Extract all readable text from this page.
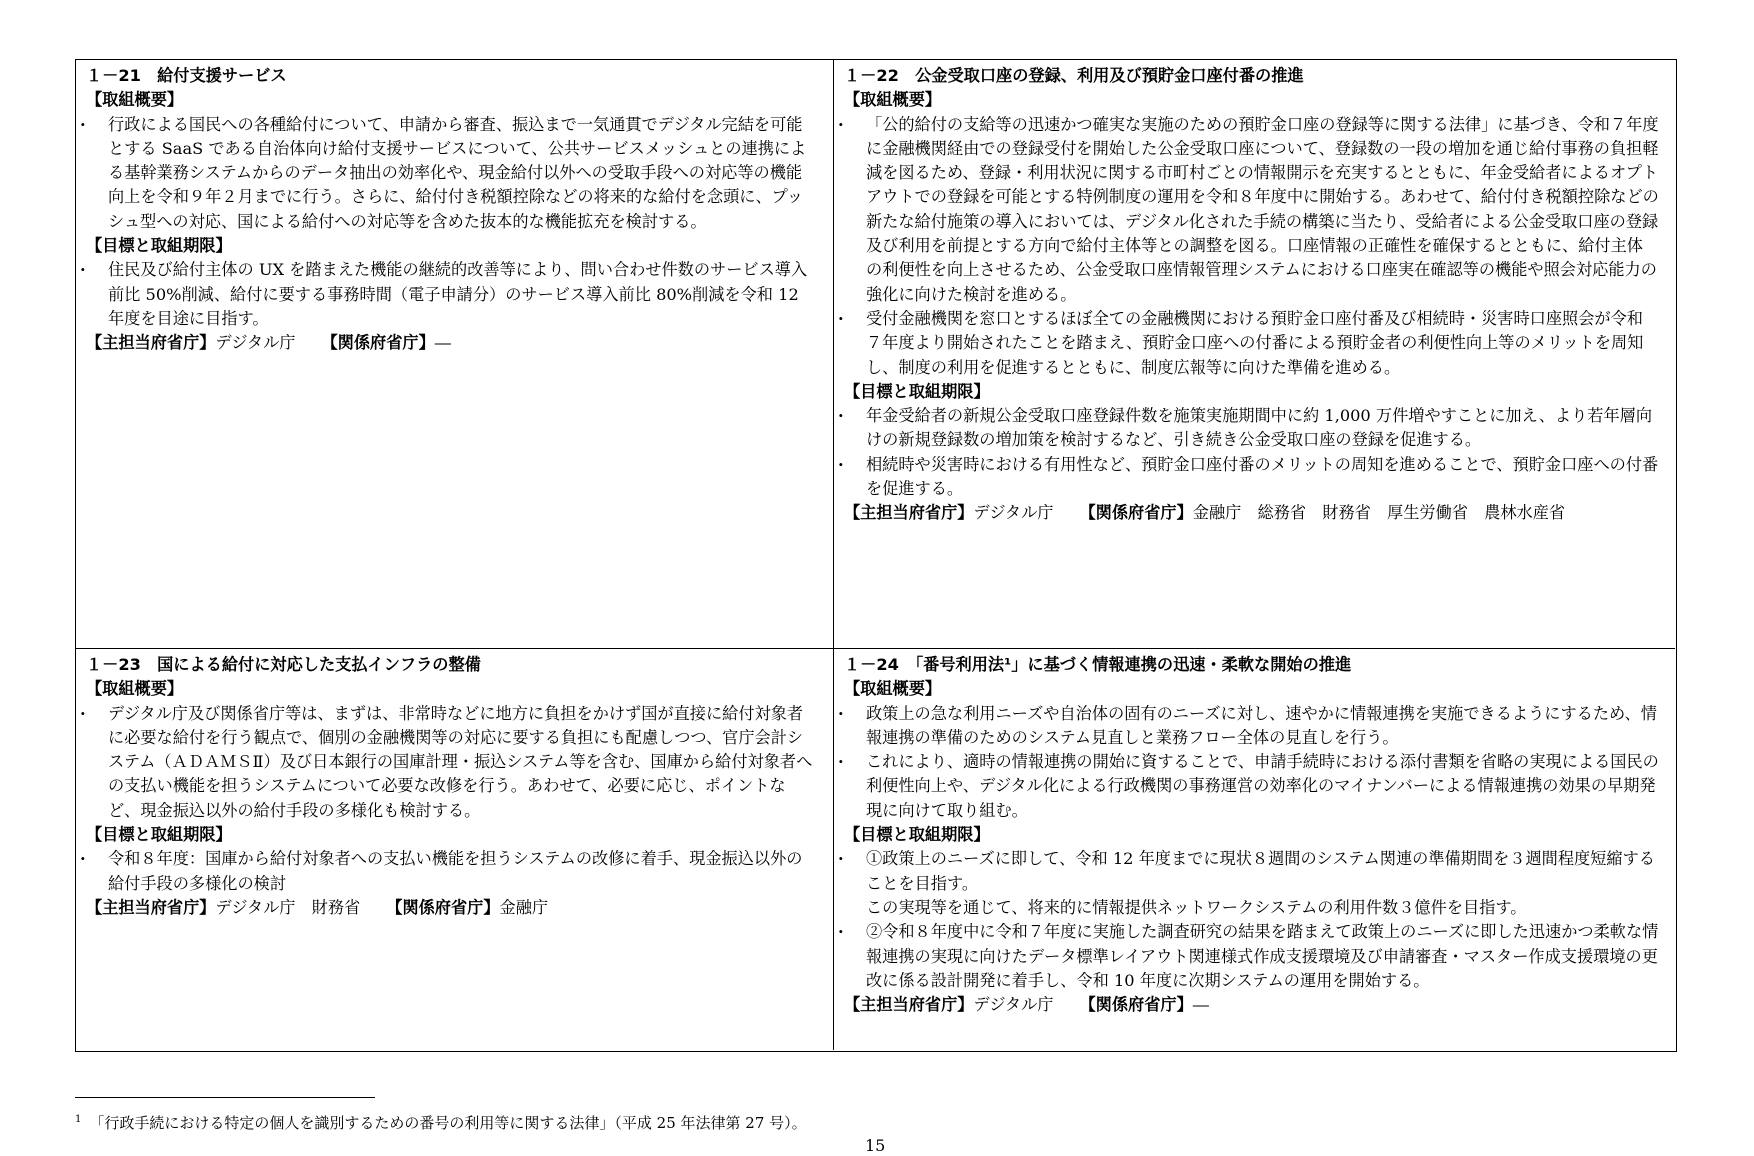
１－21　給付支援サービス
【取組概要】
· 行政による国民への各種給付について、申請から審査、振込まで一気通貫でデジタル完結を可能とする SaaS である自治体向け給付支援サービスについて、公共サービスメッシュとの連携による基幹業務システムからのデータ抽出の効率化や、現金給付以外への受取手段への対応等の機能向上を令和９年２月までに行う。さらに、給付付き税額控除などの将来的な給付を念頭に、プッシュ型への対応、国による給付への対応等を含めた抜本的な機能拡充を検討する。
【目標と取組期限】
· 住民及び給付主体の UX を踏まえた機能の継続的改善等により、問い合わせ件数のサービス導入前比 50%削減、給付に要する事務時間（電子申請分）のサービス導入前比 80%削減を令和 12 年度を目途に目指す。
【主担当府省庁】デジタル庁 【関係府省庁】―
１－22　公金受取口座の登録、利用及び預貯金口座付番の推進
【取組概要】
· 「公的給付の支給等の迅速かつ確実な実施のための預貯金口座の登録等に関する法律」に基づき、令和７年度に金融機関経由での登録受付を開始した公金受取口座について、登録数の一段の増加を通じ給付事務の負担軽減を図るため、登録・利用状況に関する市町村ごとの情報開示を充実するとともに、年金受給者によるオプトアウトでの登録を可能とする特例制度の運用を令和８年度中に開始する。あわせて、給付付き税額控除などの新たな給付施策の導入においては、デジタル化された手続の構築に当たり、受給者による公金受取口座の登録及び利用を前提とする方向で給付主体等との調整を図る。口座情報の正確性を確保するとともに、給付主体の利便性を向上させるため、公金受取口座情報管理システムにおける口座実在確認等の機能や照会対応能力の強化に向けた検討を進める。
· 受付金融機関を窓口とするほぼ全ての金融機関における預貯金口座付番及び相続時・災害時口座照会が令和７年度より開始されたことを踏まえ、預貯金口座への付番による預貯金者の利便性向上等のメリットを周知し、制度の利用を促進するとともに、制度広報等に向けた準備を進める。
【目標と取組期限】
· 年金受給者の新規公金受取口座登録件数を施策実施期間中に約 1,000 万件増やすことに加え、より若年層向けの新規登録数の増加策を検討するなど、引き続き公金受取口座の登録を促進する。
· 相続時や災害時における有用性など、預貯金口座付番のメリットの周知を進めることで、預貯金口座への付番を促進する。
【主担当府省庁】デジタル庁 【関係府省庁】金融庁　総務省　財務省　厚生労働省　農林水産省
１－23　国による給付に対応した支払インフラの整備
【取組概要】
· デジタル庁及び関係省庁等は、まずは、非常時などに地方に負担をかけず国が直接に給付対象者に必要な給付を行う観点で、個別の金融機関等の対応に要する負担にも配慮しつつ、官庁会計システム（ＡＤＡＭＳⅡ）及び日本銀行の国庫計理・振込システム等を含む、国庫から給付対象者への支払い機能を担うシステムについて必要な改修を行う。あわせて、必要に応じ、ポイントなど、現金振込以外の給付手段の多様化も検討する。
【目標と取組期限】
· 令和８年度：国庫から給付対象者への支払い機能を担うシステムの改修に着手、現金振込以外の給付手段の多様化の検討
【主担当府省庁】デジタル庁　財務省 【関係府省庁】金融庁
１－24　「番号利用法¹」に基づく情報連携の迅速・柔軟な開始の推進
【取組概要】
· 政策上の急な利用ニーズや自治体の固有のニーズに対し、速やかに情報連携を実施できるようにするため、情報連携の準備のためのシステム見直しと業務フロー全体の見直しを行う。
· これにより、適時の情報連携の開始に資することで、申請手続時における添付書類を省略の実現による国民の利便性向上や、デジタル化による行政機関の事務運営の効率化のマイナンバーによる情報連携の効果の早期発現に向けて取り組む。
【目標と取組期限】
· ①政策上のニーズに即して、令和 12 年度までに現状８週間のシステム関連の準備期間を３週間程度短縮することを目指す。
この実現等を通じて、将来的に情報提供ネットワークシステムの利用件数３億件を目指す。
· ②令和８年度中に令和７年度に実施した調査研究の結果を踏まえて政策上のニーズに即した迅速かつ柔軟な情報連携の実現に向けたデータ標準レイアウト関連様式作成支援環境及び申請審査・マスター作成支援環境の更改に係る設計開発に着手し、令和 10 年度に次期システムの運用を開始する。
【主担当府省庁】デジタル庁 【関係府省庁】―
$^1$ 「行政手続における特定の個人を識別するための番号の利用等に関する法律」（平成 25 年法律第 27 号）。
15
